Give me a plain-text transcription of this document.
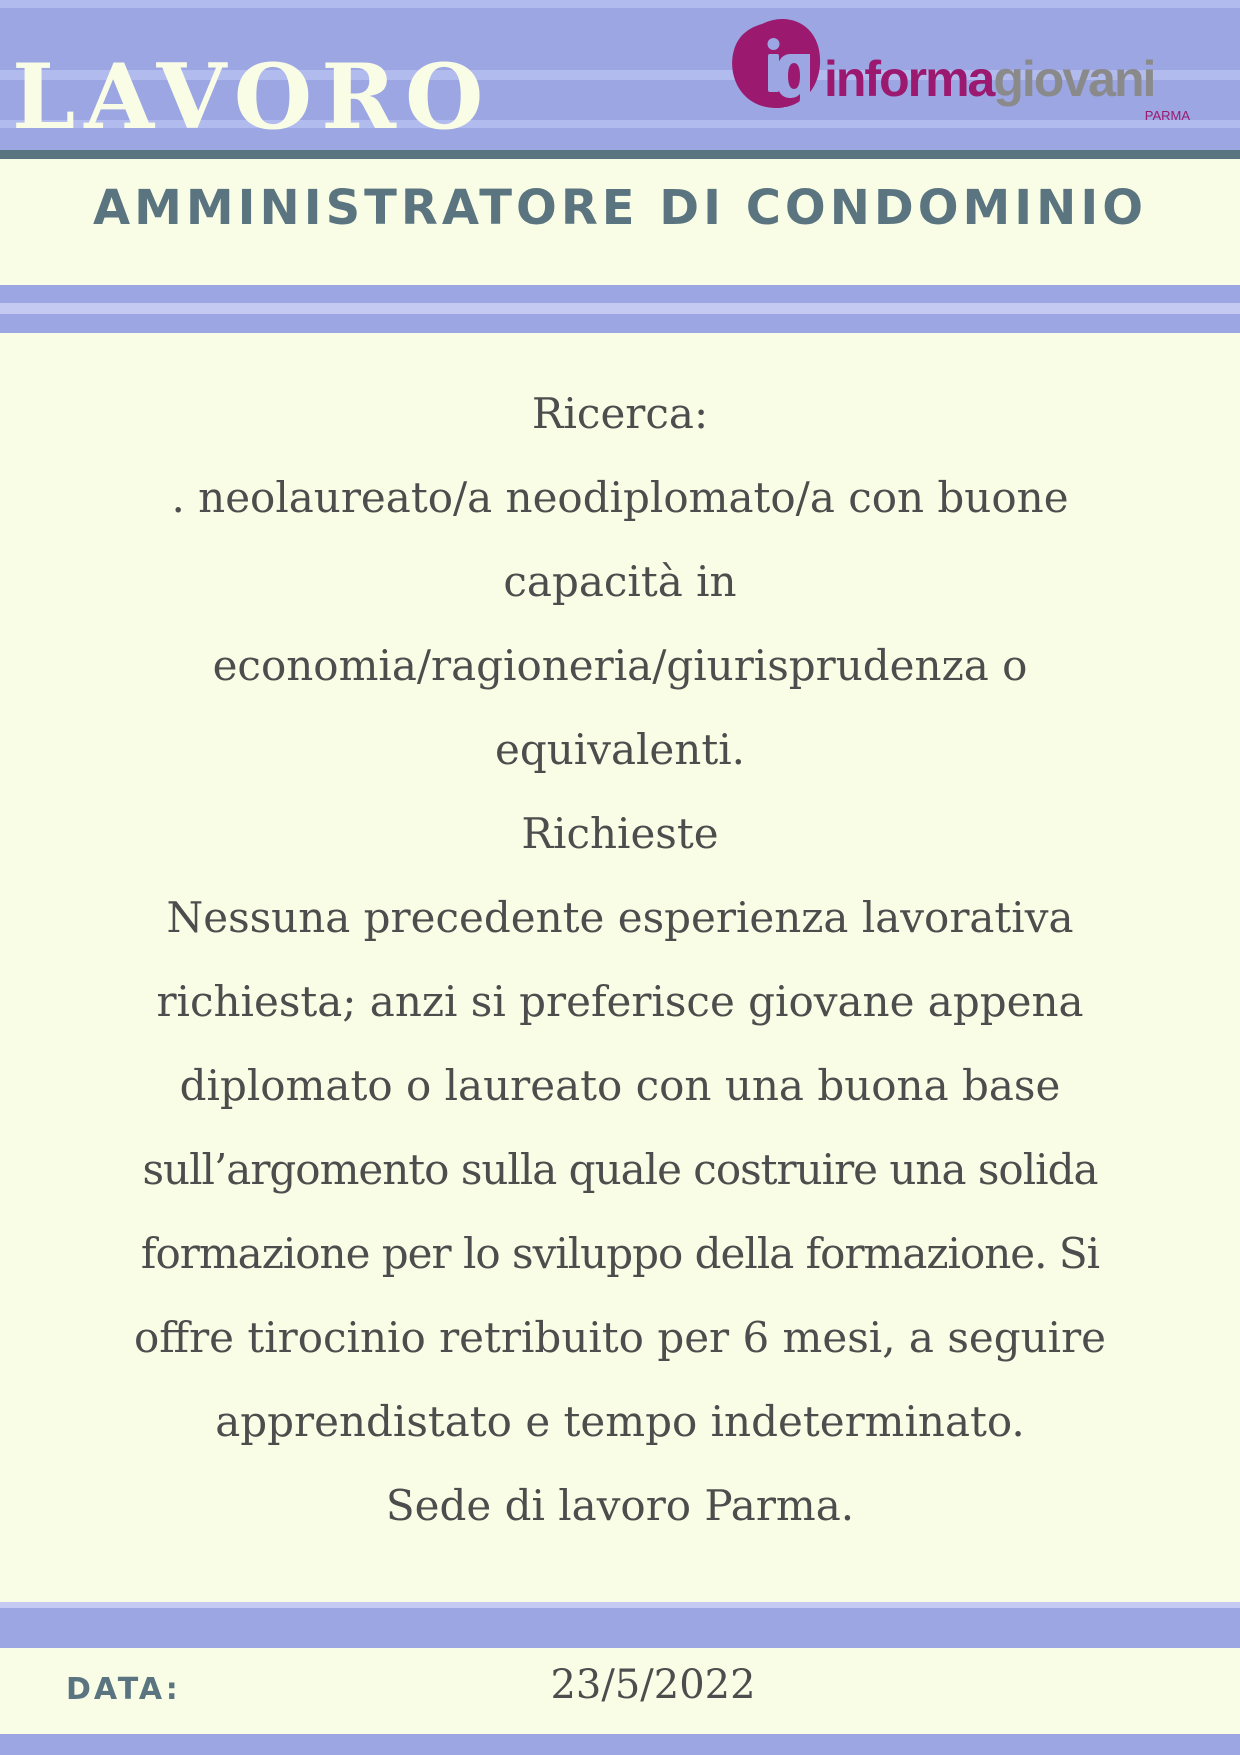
LAVORO	informagiovani
PARMA
AMMINISTRATORE DI CONDOMINIO
Ricerca:
. neolaureato/a neodiplomato/a con buone
capacità in
economia/ragioneria/giurisprudenza o
equivalenti.
Richieste
Nessuna precedente esperienza lavorativa
richiesta; anzi si preferisce giovane appena
diplomato o laureato con una buona base
sull’argomento sulla quale costruire una solida
formazione per lo sviluppo della formazione. Si
offre tirocinio retribuito per 6 mesi, a seguire
apprendistato e tempo indeterminato.
Sede di lavoro Parma.
DATA:	23/5/2022
